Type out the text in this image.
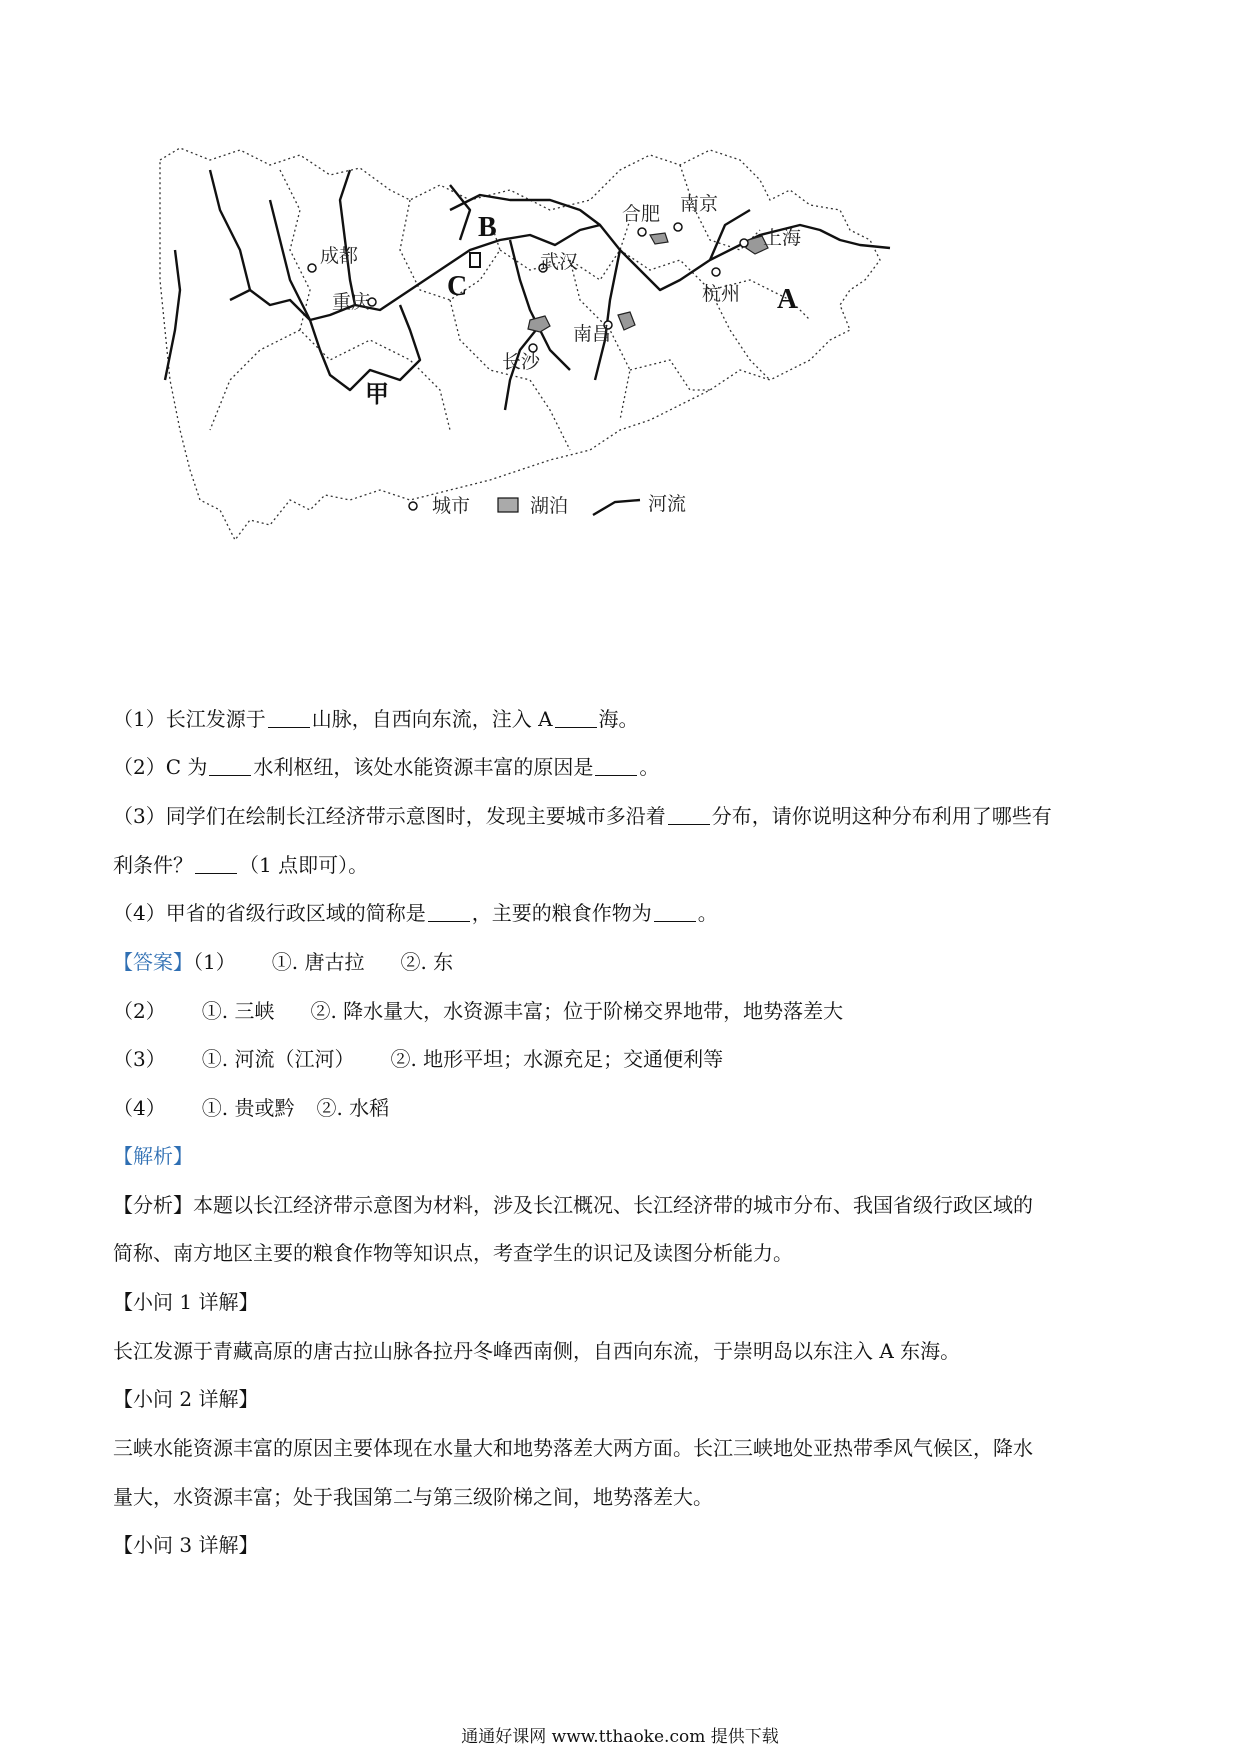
成都
重庆
武汉
长沙
南昌
合肥 南京
上海
杭州 A
B
C
甲
城市	湖泊	河流
（1）长江发源于 山脉，自西向东流，注入 A 海。
（2）C 为 水利枢纽，该处水能资源丰富的原因是 。
（3）同学们在绘制长江经济带示意图时，发现主要城市多沿着 分布，请你说明这种分布利用了哪些有
利条件？ （1 点即可）。
（4）甲省的省级行政区域的简称是 ，主要的粮食作物为 。
【答案】（1） ①. 唐古拉 ②. 东
（2） ①. 三峡 ②. 降水量大，水资源丰富；位于阶梯交界地带，地势落差大
（3） ①. 河流（江河） ②. 地形平坦；水源充足；交通便利等
（4） ①. 贵或黔 ②. 水稻
【解析】
【分析】本题以长江经济带示意图为材料，涉及长江概况、长江经济带的城市分布、我国省级行政区域的
简称、南方地区主要的粮食作物等知识点，考查学生的识记及读图分析能力。
【小问 1 详解】
长江发源于青藏高原的唐古拉山脉各拉丹冬峰西南侧，自西向东流，于崇明岛以东注入 A 东海。
【小问 2 详解】
三峡水能资源丰富的原因主要体现在水量大和地势落差大两方面。长江三峡地处亚热带季风气候区，降水
量大，水资源丰富；处于我国第二与第三级阶梯之间，地势落差大。
【小问 3 详解】
通通好课网 www.tthaoke.com 提供下载
